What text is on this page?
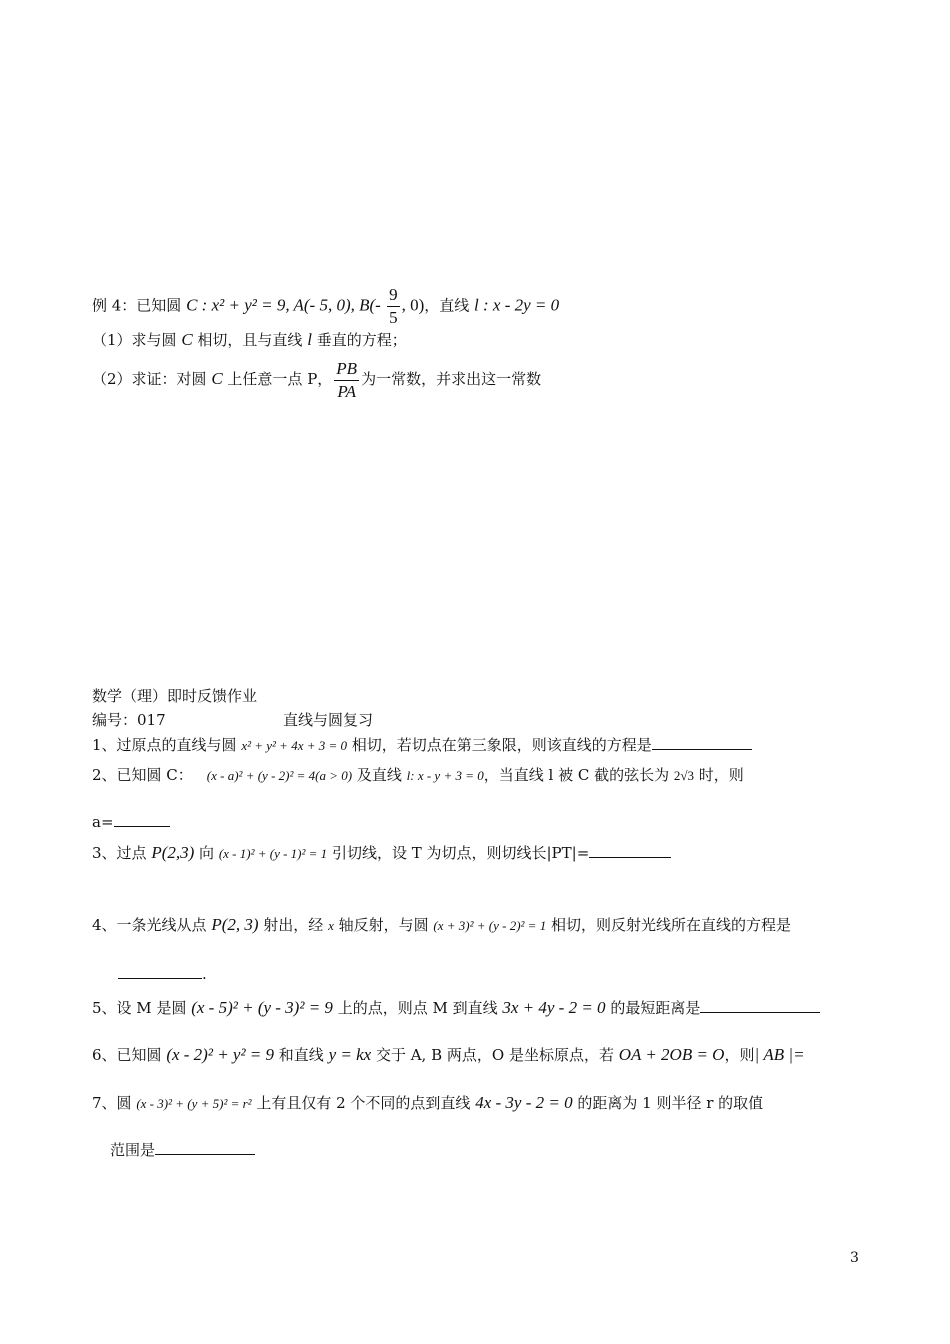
例 4：已知圆 C : x² + y² = 9, A(- 5, 0), $B(- \frac{9}{5}$ , 0)，直线 l : x - 2y = 0
（1）求与圆 C 相切，且与直线 l 垂直的方程；
（2）求证：对圆 C 上任意一点 P， $\frac{PB}{PA}$ 为一常数，并求出这一常数
数学（理）即时反馈作业
编号：017	直线与圆复习
1、过原点的直线与圆 x² + y² + 4x + 3 = 0 相切，若切点在第三象限，则该直线的方程是
2、已知圆 C： (x - a)² + (y - 2)² = 4(a > 0) 及直线 l: x - y + 3 = 0，当直线 l 被 C 截的弦长为 2√3 时，则
a=
3、过点 P(2,3) 向 (x - 1)² + (y - 1)² = 1 引切线，设 T 为切点，则切线长|PT|=
4、一条光线从点 P(2, 3) 射出，经 x 轴反射，与圆 (x + 3)² + (y - 2)² = 1 相切，则反射光线所在直线的方程是
.
5、设 M 是圆 (x - 5)² + (y - 3)² = 9 上的点，则点 M 到直线 3x + 4y - 2 = 0 的最短距离是
6、已知圆 (x - 2)² + y² = 9 和直线 y = kx 交于 A, B 两点，O 是坐标原点，若 OA + 2OB = O，则| AB |=
7、圆 (x - 3)² + (y + 5)² = r² 上有且仅有 2 个不同的点到直线 4x - 3y - 2 = 0 的距离为 1 则半径 r 的取值
范围是
3
